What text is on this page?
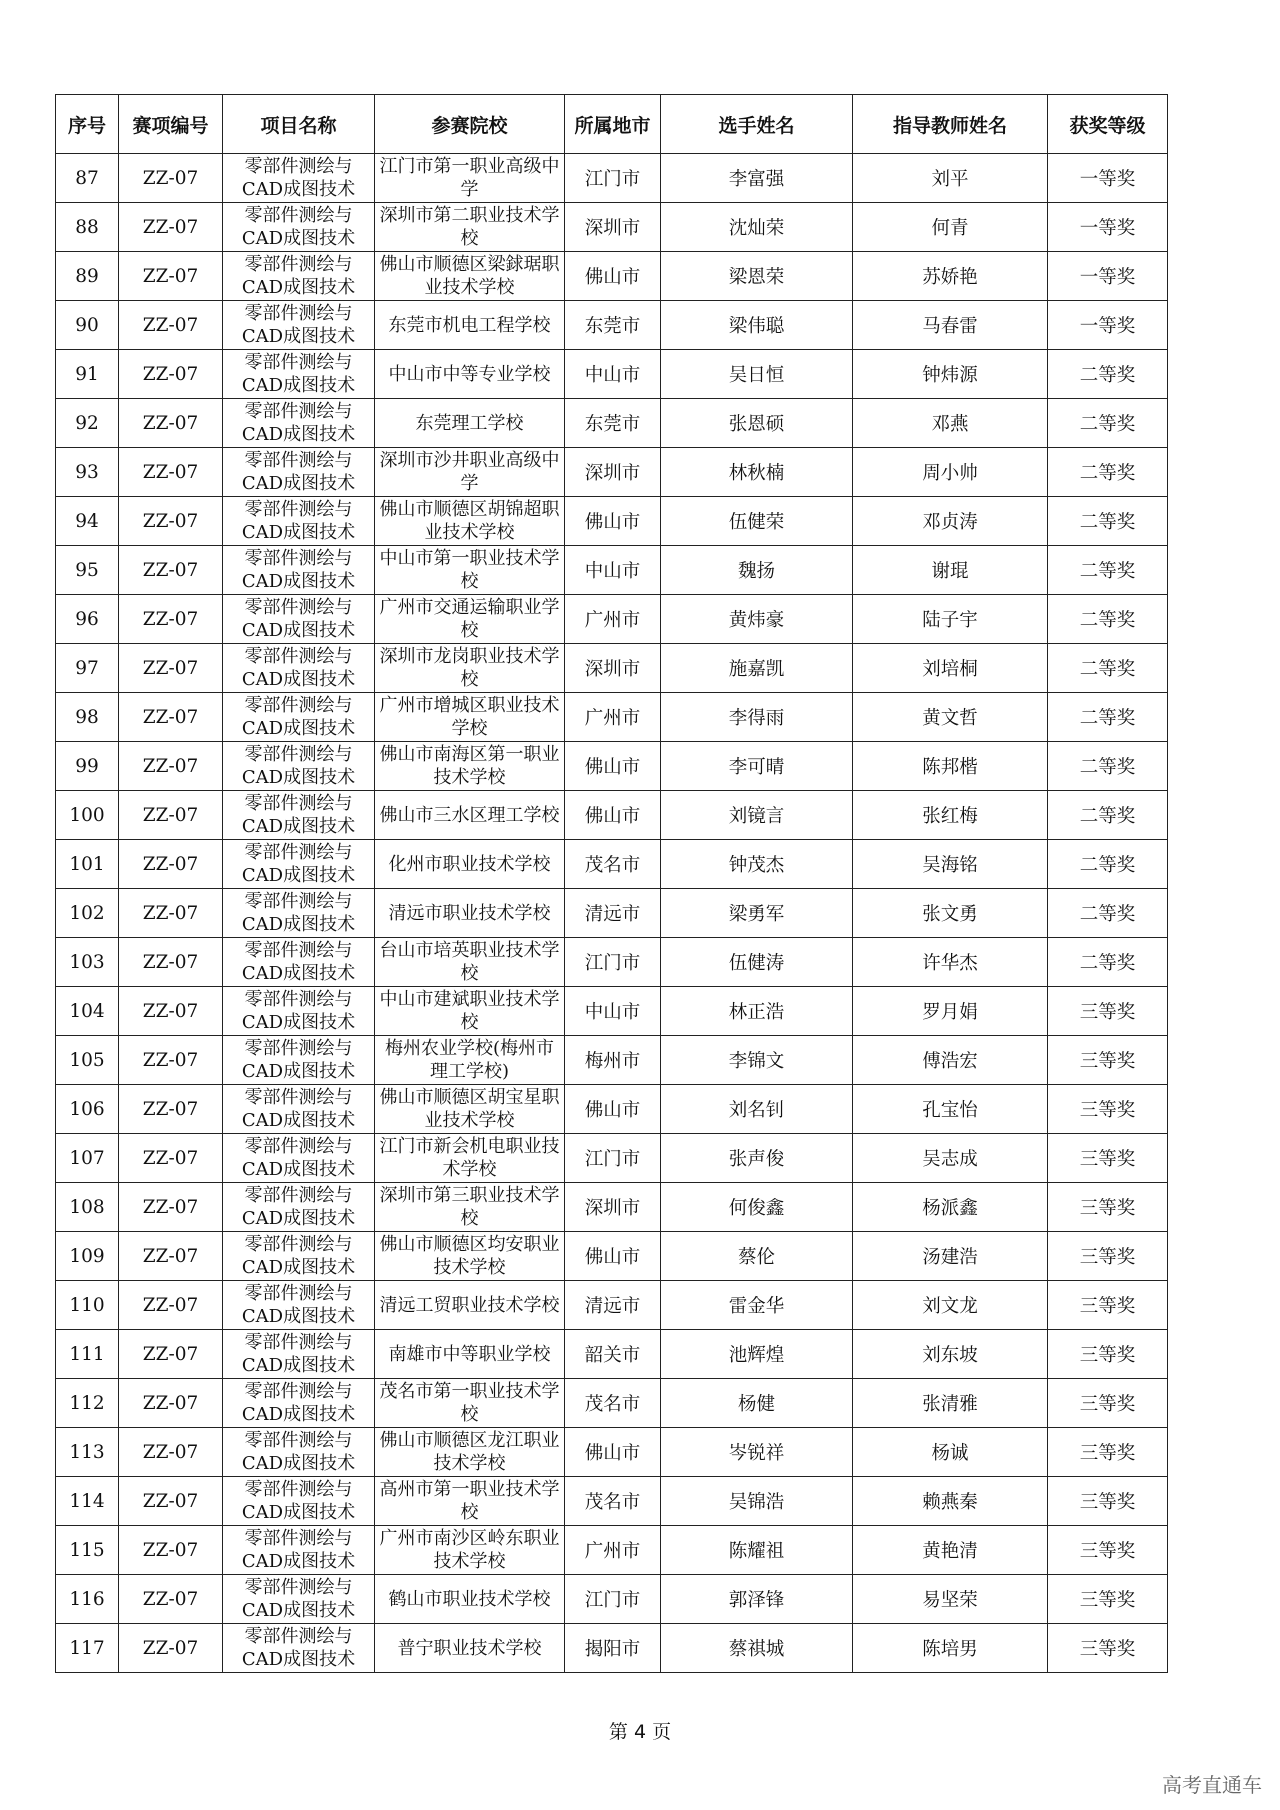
序号	赛项编号	项目名称	参赛院校	所属地市	选手姓名	指导教师姓名	获奖等级
87	ZZ-07	零部件测绘与CAD成图技术	江门市第一职业高级中学	江门市	李富强	刘平	一等奖
88	ZZ-07	零部件测绘与CAD成图技术	深圳市第二职业技术学校	深圳市	沈灿荣	何青	一等奖
89	ZZ-07	零部件测绘与CAD成图技术	佛山市顺德区梁銶琚职业技术学校	佛山市	梁恩荣	苏娇艳	一等奖
90	ZZ-07	零部件测绘与CAD成图技术	东莞市机电工程学校	东莞市	梁伟聪	马春雷	一等奖
91	ZZ-07	零部件测绘与CAD成图技术	中山市中等专业学校	中山市	吴日恒	钟炜源	二等奖
92	ZZ-07	零部件测绘与CAD成图技术	东莞理工学校	东莞市	张恩硕	邓燕	二等奖
93	ZZ-07	零部件测绘与CAD成图技术	深圳市沙井职业高级中学	深圳市	林秋楠	周小帅	二等奖
94	ZZ-07	零部件测绘与CAD成图技术	佛山市顺德区胡锦超职业技术学校	佛山市	伍健荣	邓贞涛	二等奖
95	ZZ-07	零部件测绘与CAD成图技术	中山市第一职业技术学校	中山市	魏扬	谢琨	二等奖
96	ZZ-07	零部件测绘与CAD成图技术	广州市交通运输职业学校	广州市	黄炜豪	陆子宇	二等奖
97	ZZ-07	零部件测绘与CAD成图技术	深圳市龙岗职业技术学校	深圳市	施嘉凯	刘培桐	二等奖
98	ZZ-07	零部件测绘与CAD成图技术	广州市增城区职业技术学校	广州市	李得雨	黄文哲	二等奖
99	ZZ-07	零部件测绘与CAD成图技术	佛山市南海区第一职业技术学校	佛山市	李可晴	陈邦楷	二等奖
100	ZZ-07	零部件测绘与CAD成图技术	佛山市三水区理工学校	佛山市	刘镜言	张红梅	二等奖
101	ZZ-07	零部件测绘与CAD成图技术	化州市职业技术学校	茂名市	钟茂杰	吴海铭	二等奖
102	ZZ-07	零部件测绘与CAD成图技术	清远市职业技术学校	清远市	梁勇军	张文勇	二等奖
103	ZZ-07	零部件测绘与CAD成图技术	台山市培英职业技术学校	江门市	伍健涛	许华杰	二等奖
104	ZZ-07	零部件测绘与CAD成图技术	中山市建斌职业技术学校	中山市	林正浩	罗月娟	三等奖
105	ZZ-07	零部件测绘与CAD成图技术	梅州农业学校(梅州市理工学校)	梅州市	李锦文	傅浩宏	三等奖
106	ZZ-07	零部件测绘与CAD成图技术	佛山市顺德区胡宝星职业技术学校	佛山市	刘名钊	孔宝怡	三等奖
107	ZZ-07	零部件测绘与CAD成图技术	江门市新会机电职业技术学校	江门市	张声俊	吴志成	三等奖
108	ZZ-07	零部件测绘与CAD成图技术	深圳市第三职业技术学校	深圳市	何俊鑫	杨派鑫	三等奖
109	ZZ-07	零部件测绘与CAD成图技术	佛山市顺德区均安职业技术学校	佛山市	蔡伦	汤建浩	三等奖
110	ZZ-07	零部件测绘与CAD成图技术	清远工贸职业技术学校	清远市	雷金华	刘文龙	三等奖
111	ZZ-07	零部件测绘与CAD成图技术	南雄市中等职业学校	韶关市	池辉煌	刘东坡	三等奖
112	ZZ-07	零部件测绘与CAD成图技术	茂名市第一职业技术学校	茂名市	杨健	张清雅	三等奖
113	ZZ-07	零部件测绘与CAD成图技术	佛山市顺德区龙江职业技术学校	佛山市	岑锐祥	杨诚	三等奖
114	ZZ-07	零部件测绘与CAD成图技术	高州市第一职业技术学校	茂名市	吴锦浩	赖燕秦	三等奖
115	ZZ-07	零部件测绘与CAD成图技术	广州市南沙区岭东职业技术学校	广州市	陈耀祖	黄艳清	三等奖
116	ZZ-07	零部件测绘与CAD成图技术	鹤山市职业技术学校	江门市	郭泽锋	易坚荣	三等奖
117	ZZ-07	零部件测绘与CAD成图技术	普宁职业技术学校	揭阳市	蔡祺城	陈培男	三等奖
第 4 页
高考直通车
